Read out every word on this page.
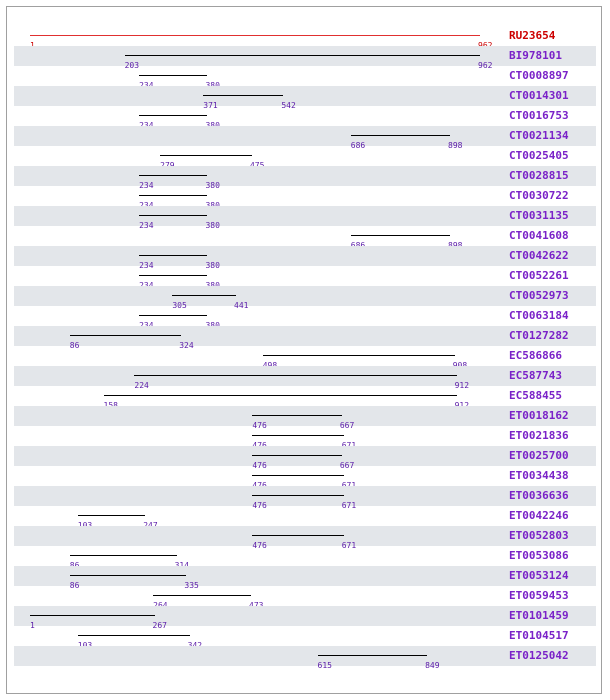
RU23654
203	962
BI978101
CT0008897
371	542
CT0014301
CT0016753
686	898
CT0021134
CT0025405
234	380
CT0028815
CT0030722
234	380
CT0031135
CT0041608
234	380
CT0042622
CT0052261
305	441
CT0052973
CT0063184
86	324
CT0127282
EC586866
224	912
EC587743
EC588455
476	667
ET0018162
ET0021836
476	667
ET0025700
ET0034438
476	671
ET0036636
ET0042246
476	671
ET0052803
ET0053086
86	335
ET0053124
ET0059453
1	267
ET0101459
ET0104517
615	849
ET0125042
